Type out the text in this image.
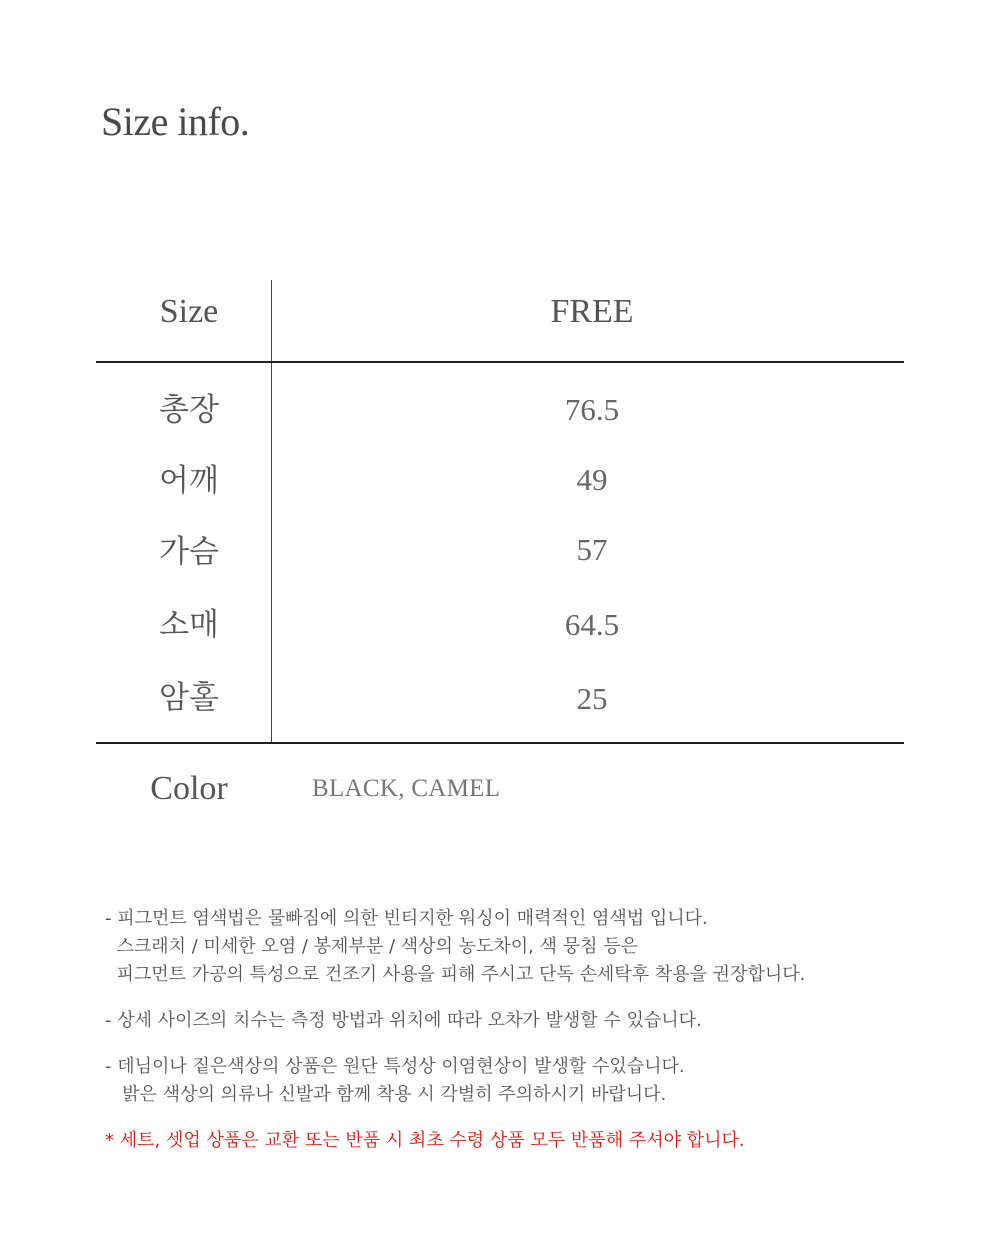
Size info.
Size	FREE
총장	76.5
어깨	49
가슴	57
소매	64.5
암홀	25
Color	BLACK, CAMEL

- 피그먼트 염색법은 물빠짐에 의한 빈티지한 워싱이 매력적인 염색법 입니다.

스크래치 / 미세한 오염 / 봉제부분 / 색상의 농도차이, 색 뭉침 등은

피그먼트 가공의 특성으로 건조기 사용을 피해 주시고 단독 손세탁후 착용을 권장합니다.

- 상세 사이즈의 치수는 측정 방법과 위치에 따라 오차가 발생할 수 있습니다.

- 데님이나 짙은색상의 상품은 원단 특성상 이염현상이 발생할 수있습니다.

밝은 색상의 의류나 신발과 함께 착용 시 각별히 주의하시기 바랍니다.

* 세트, 셋업 상품은 교환 또는 반품 시 최초 수령 상품 모두 반품해 주셔야 합니다.
